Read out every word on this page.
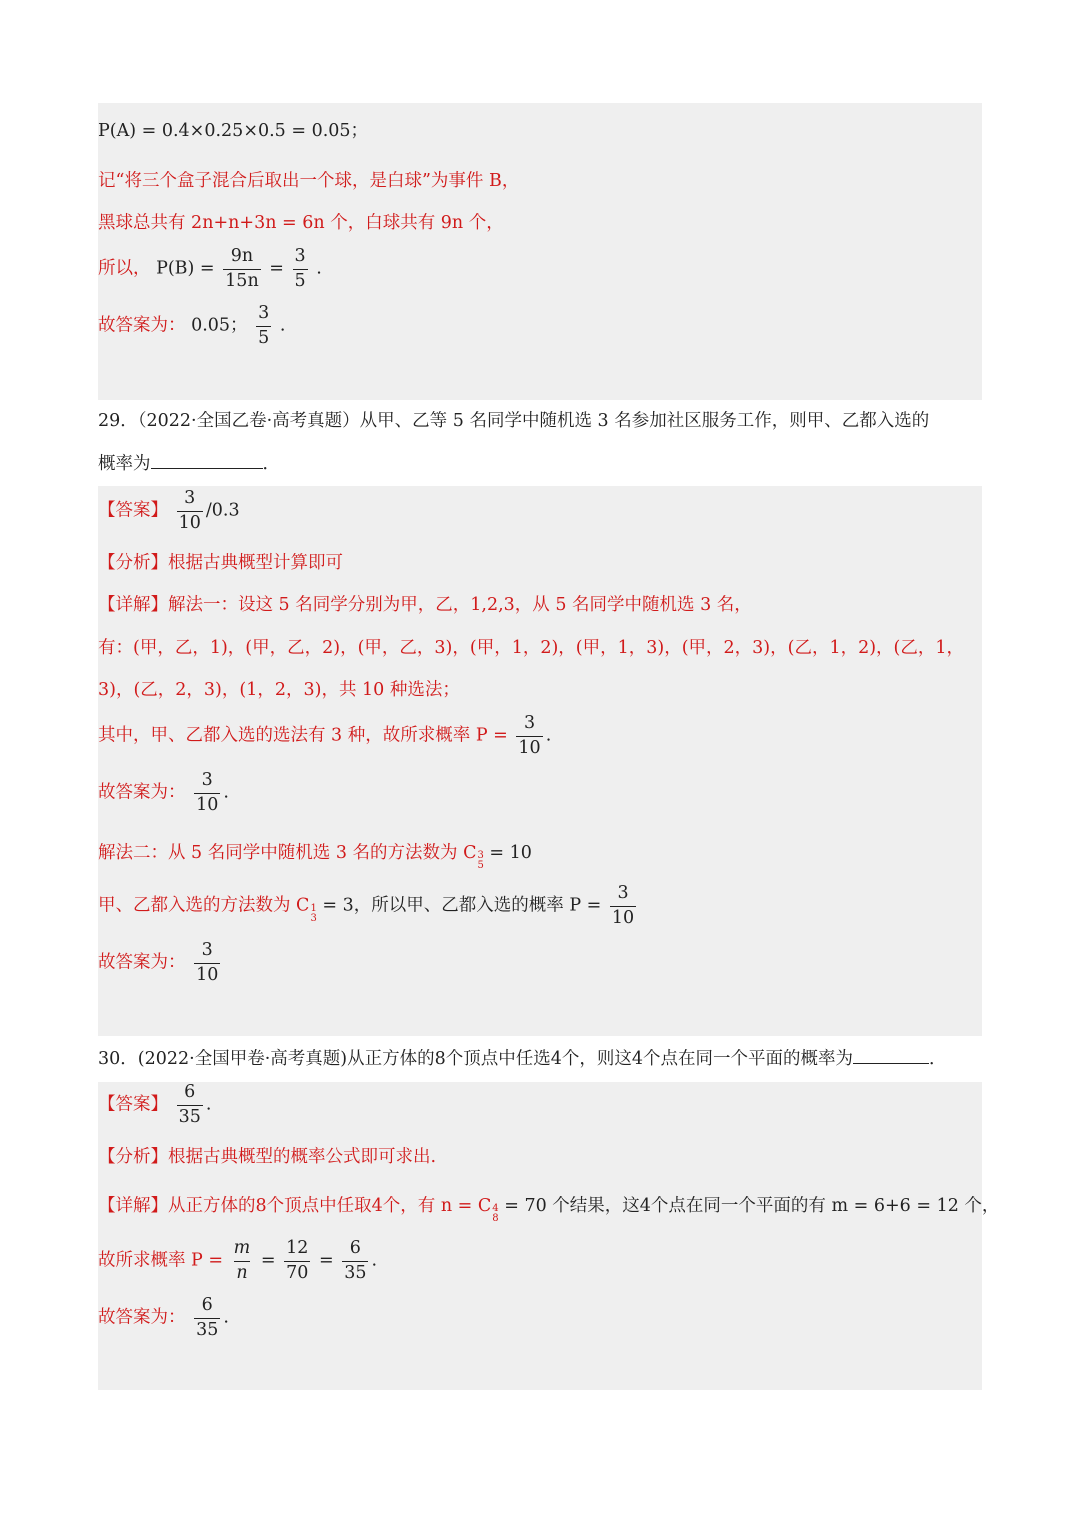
P(A) = 0.4×0.25×0.5 = 0.05；
记“将三个盒子混合后取出一个球，是白球”为事件 B，
黑球总共有 2n+n+3n = 6n 个，白球共有 9n 个，
所以， $P(B) = \frac{9n}{15n} = \frac{3}{5}$ .
故答案为： 0.05； $\frac{3}{5}$ .
29．（2022·全国乙卷·高考真题）从甲、乙等 5 名同学中随机选 3 名参加社区服务工作，则甲、乙都入选的
概率为	．
【答案】 $\frac{3}{10} /0.3$
【分析】根据古典概型计算即可
【详解】解法一：设这 5 名同学分别为甲，乙，1,2,3，从 5 名同学中随机选 3 名，
有：(甲，乙，1)，(甲，乙，2)，(甲，乙，3)，(甲，1，2)，(甲，1，3)，(甲，2，3)，(乙，1，2)，(乙，1，
3)，(乙，2，3)，(1，2，3)，共 10 种选法；
其中，甲、乙都入选的选法有 3 种，故所求概率 $P = \frac{3}{10}$ .
故答案为： $\frac{3}{10}$ .
解法二：从 5 名同学中随机选 3 名的方法数为 C 3
5
= 10
甲、乙都入选的方法数为 C 1
3
= 3，所以甲、乙都入选的概率 $P = \frac{3}{10}$
故答案为： $\frac{3}{10}$
30．(2022·全国甲卷·高考真题)从正方体的8个顶点中任选4个，则这4个点在同一个平面的概率为	．
【答案】 $\frac{6}{35}$ .
【分析】根据古典概型的概率公式即可求出.
【详解】从正方体的8个顶点中任取4个，有 n = C 4
8
= 70 个结果，这4个点在同一个平面的有 m = 6+6 = 12 个，
故所求概率 $P = \frac{m}{n} = \frac{12}{70} = \frac{6}{35}$ .
故答案为： $\frac{6}{35}$ .
